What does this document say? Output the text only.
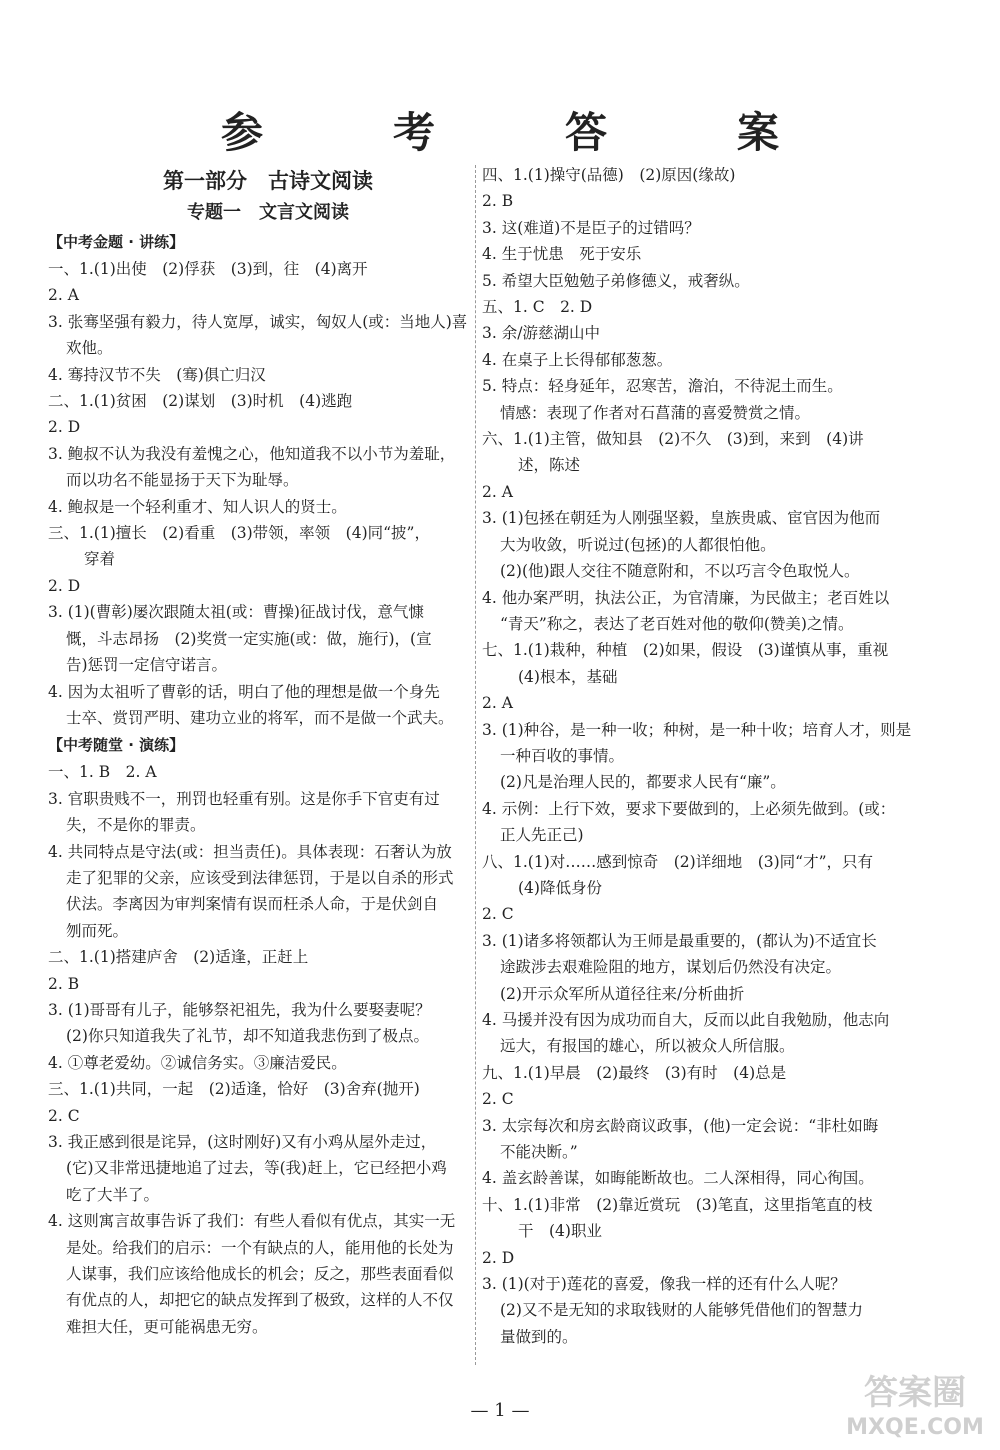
参　考　答　案
第一部分　古诗文阅读
专题一　文言文阅读
【中考金题 · 讲练】
一、1.(1)出使　(2)俘获　(3)到，往　(4)离开
2. A
3. 张骞坚强有毅力，待人宽厚，诚实，匈奴人(或：当地人)喜
欢他。
4. 骞持汉节不失　(骞)俱亡归汉
二、1.(1)贫困　(2)谋划　(3)时机　(4)逃跑
2. D
3. 鲍叔不认为我没有羞愧之心，他知道我不以小节为羞耻，
而以功名不能显扬于天下为耻辱。
4. 鲍叔是一个轻利重才、知人识人的贤士。
三、1.(1)擅长　(2)看重　(3)带领，率领　(4)同“披”，
穿着
2. D
3. (1)(曹彰)屡次跟随太祖(或：曹操)征战讨伐，意气慷
慨，斗志昂扬　(2)奖赏一定实施(或：做，施行)，(宣
告)惩罚一定信守诺言。
4. 因为太祖听了曹彰的话，明白了他的理想是做一个身先
士卒、赏罚严明、建功立业的将军，而不是做一个武夫。
【中考随堂 · 演练】
一、1. B　2. A
3. 官职贵贱不一，刑罚也轻重有别。这是你手下官吏有过
失，不是你的罪责。
4. 共同特点是守法(或：担当责任)。具体表现：石奢认为放
走了犯罪的父亲，应该受到法律惩罚，于是以自杀的形式
伏法。李离因为审判案情有误而枉杀人命，于是伏剑自
刎而死。
二、1.(1)搭建庐舍　(2)适逢，正赶上
2. B
3. (1)哥哥有儿子，能够祭祀祖先，我为什么要娶妻呢？
(2)你只知道我失了礼节，却不知道我悲伤到了极点。
4. ①尊老爱幼。②诚信务实。③廉洁爱民。
三、1.(1)共同，一起　(2)适逢，恰好　(3)舍弃(抛开)
2. C
3. 我正感到很是诧异，(这时刚好)又有小鸡从屋外走过，
(它)又非常迅捷地追了过去，等(我)赶上，它已经把小鸡
吃了大半了。
4. 这则寓言故事告诉了我们：有些人看似有优点，其实一无
是处。给我们的启示：一个有缺点的人，能用他的长处为
人谋事，我们应该给他成长的机会；反之，那些表面看似
有优点的人，却把它的缺点发挥到了极致，这样的人不仅
难担大任，更可能祸患无穷。
四、1.(1)操守(品德)　(2)原因(缘故)
2. B
3. 这(难道)不是臣子的过错吗？
4. 生于忧患　死于安乐
5. 希望大臣勉勉子弟修德义，戒奢纵。
五、1. C　2. D
3. 余/游慈湖山中
4. 在桌子上长得郁郁葱葱。
5. 特点：轻身延年，忍寒苦，澹泊，不待泥土而生。
情感：表现了作者对石菖蒲的喜爱赞赏之情。
六、1.(1)主管，做知县　(2)不久　(3)到，来到　(4)讲
述，陈述
2. A
3. (1)包拯在朝廷为人刚强坚毅，皇族贵戚、宦官因为他而
大为收敛，听说过(包拯)的人都很怕他。
(2)(他)跟人交往不随意附和，不以巧言令色取悦人。
4. 他办案严明，执法公正，为官清廉，为民做主；老百姓以
“青天”称之，表达了老百姓对他的敬仰(赞美)之情。
七、1.(1)栽种，种植　(2)如果，假设　(3)谨慎从事，重视
(4)根本，基础
2. A
3. (1)种谷，是一种一收；种树，是一种十收；培育人才，则是
一种百收的事情。
(2)凡是治理人民的，都要求人民有“廉”。
4. 示例：上行下效，要求下要做到的，上必须先做到。(或：
正人先正己)
八、1.(1)对……感到惊奇　(2)详细地　(3)同“才”，只有
(4)降低身份
2. C
3. (1)诸多将领都认为王师是最重要的，(都认为)不适宜长
途跋涉去艰难险阻的地方，谋划后仍然没有决定。
(2)开示众军所从道径往来/分析曲折
4. 马援并没有因为成功而自大，反而以此自我勉励，他志向
远大，有报国的雄心，所以被众人所信服。
九、1.(1)早晨　(2)最终　(3)有时　(4)总是
2. C
3. 太宗每次和房玄龄商议政事，(他)一定会说：“非杜如晦
不能决断。”
4. 盖玄龄善谋，如晦能断故也。二人深相得，同心徇国。
十、1.(1)非常　(2)靠近赏玩　(3)笔直，这里指笔直的枝
干　(4)职业
2. D
3. (1)(对于)莲花的喜爱，像我一样的还有什么人呢？
(2)又不是无知的求取钱财的人能够凭借他们的智慧力
量做到的。
— 1 —	答案圈
MXQE.COM
